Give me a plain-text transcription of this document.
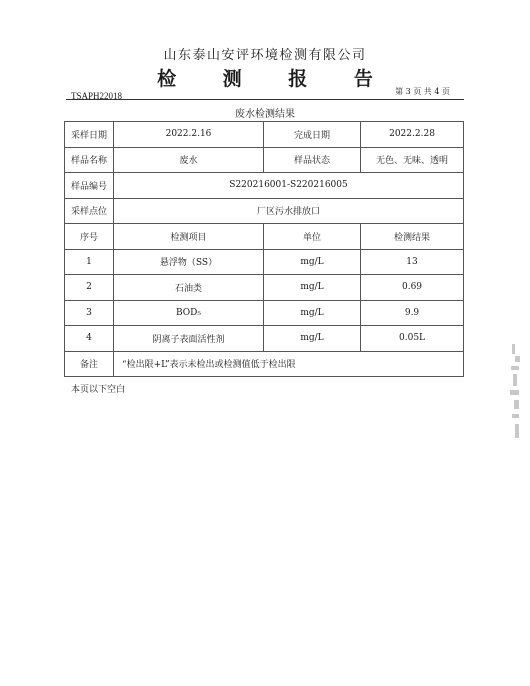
山东泰山安评环境检测有限公司
检 测 报 告
TSAPH22018	第 3 页 共 4 页
废水检测结果
采样日期	2022.2.16	完成日期	2022.2.28
样品名称	废水	样品状态	无色、无味、透明
样品编号	S220216001-S220216005		
采样点位	厂区污水排放口		
序号	检测项目	单位	检测结果
1	悬浮物（SS）	mg/L	13
2	石油类	mg/L	0.69
3	BOD₅	mg/L	9.9
4	阴离子表面活性剂	mg/L	0.05L
备注	“检出限+L”表示未检出或检测值低于检出限		
本页以下空白
